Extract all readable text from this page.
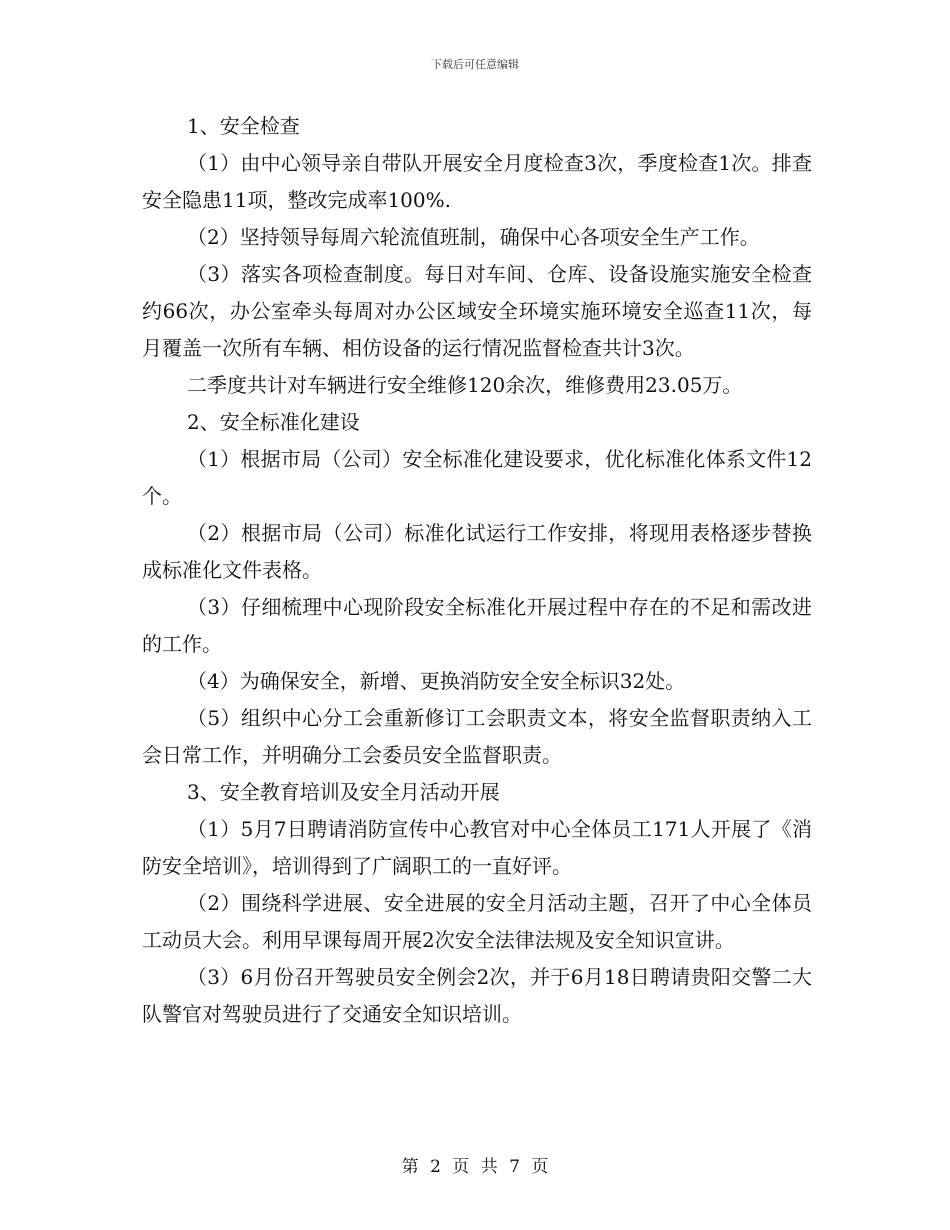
下载后可任意编辑

1、安全检查

（1）由中心领导亲自带队开展安全月度检查3次，季度检查1次。排查安全隐患11项，整改完成率100%.

（2）坚持领导每周六轮流值班制，确保中心各项安全生产工作。

（3）落实各项检查制度。每日对车间、仓库、设备设施实施安全检查约66次，办公室牵头每周对办公区域安全环境实施环境安全巡查11次，每月覆盖一次所有车辆、相仿设备的运行情况监督检查共计3次。

二季度共计对车辆进行安全维修120余次，维修费用23.05万。

2、安全标准化建设

（1）根据市局（公司）安全标准化建设要求，优化标准化体系文件12个。

（2）根据市局（公司）标准化试运行工作安排，将现用表格逐步替换成标准化文件表格。

（3）仔细梳理中心现阶段安全标准化开展过程中存在的不足和需改进的工作。

（4）为确保安全，新增、更换消防安全安全标识32处。

（5）组织中心分工会重新修订工会职责文本，将安全监督职责纳入工会日常工作，并明确分工会委员安全监督职责。

3、安全教育培训及安全月活动开展

（1）5月7日聘请消防宣传中心教官对中心全体员工171人开展了《消防安全培训》，培训得到了广阔职工的一直好评。

（2）围绕科学进展、安全进展的安全月活动主题，召开了中心全体员工动员大会。利用早课每周开展2次安全法律法规及安全知识宣讲。

（3）6月份召开驾驶员安全例会2次，并于6月18日聘请贵阳交警二大队警官对驾驶员进行了交通安全知识培训。

第 2 页 共 7 页
